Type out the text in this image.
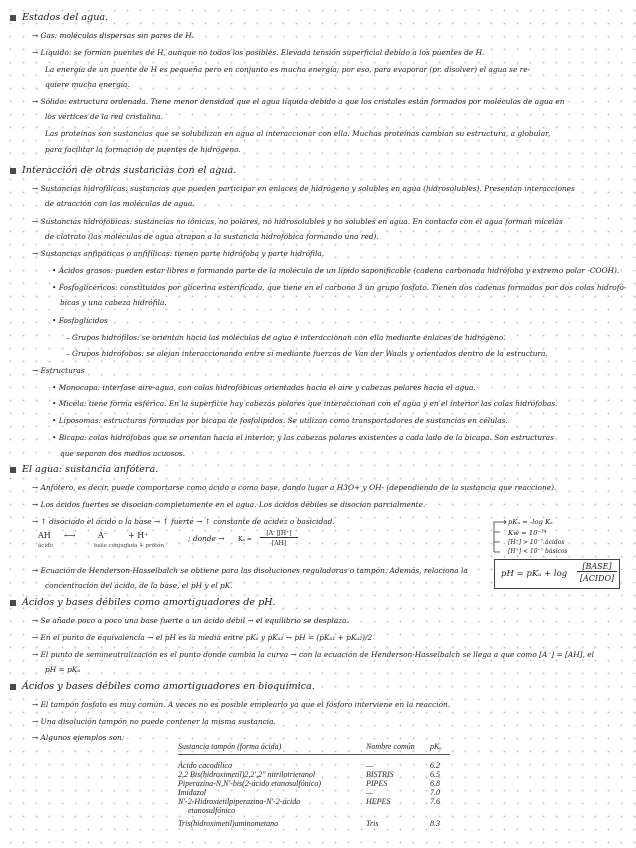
Estados del agua.
→ Gas: moléculas dispersas sin pares de H.
→ Líquido: se forman puentes de H, aunque no todos los posibles. Elevada tensión superficial debido a los puentes de H.
La energía de un puente de H es pequeña pero en conjunto es mucha energía; por eso, para evaporar (pr. disolver) el agua se re-
quiere mucha energía.
→ Sólido: estructura ordenada. Tiene menor densidad que el agua líquida debido a que los cristales están formados por moléculas de agua en
los vértices de la red cristalina.
Las proteínas son sustancias que se solubilizan en agua al interaccionar con ella. Muchas proteínas cambian su estructura, a globular,
para facilitar la formación de puentes de hidrógeno.
Interacción de otras sustancias con el agua.
→ Sustancias hidrofílicas: sustancias que pueden participar en enlaces de hidrógeno y solubles en agua (hidrosolubles). Presentan interacciones
de atracción con las moléculas de agua.
→ Sustancias hidrofóbicas: sustancias no iónicas, no polares, no hidrosolubles y no solubles en agua. En contacto con el agua forman micelas
de clatrato (las moléculas de agua atrapan a la sustancia hidrofóbica formando una red).
→ Sustancias anfipáticas o anfifílicas: tienen parte hidrófoba y parte hidrófila.
• Ácidos grasos: pueden estar libres o formando parte de la molécula de un lípido saponificable (cadena carbonada hidrófoba y extremo polar -COOH).
• Fosfoglicéricos: constituidos por glicerina esterificada, que tiene en el carbono 3 un grupo fosfato. Tienen dos cadenas formadas por dos colas hidrofó-
bicas y una cabeza hidrófila.
• Fosfoglícidos
– Grupos hidrófilos: se orientan hacia las moléculas de agua e interaccionan con ella mediante enlaces de hidrógeno.
– Grupos hidrófobos: se alejan interaccionando entre sí mediante fuerzas de Van der Waals y orientados dentro de la estructura.
→ Estructuras
• Monocapa: interfase aire-agua, con colas hidrofóbicas orientadas hacia el aire y cabezas polares hacia el agua.
• Micela: tiene forma esférica. En la superficie hay cabezas polares que interaccionan con el agua y en el interior las colas hidrófobas.
• Liposomas: estructuras formadas por bicapa de fosfolípidos. Se utilizan como transportadores de sustancias en células.
• Bicapa: colas hidrófobas que se orientan hacia el interior, y las cabezas polares existentes a cada lado de la bicapa. Son estructuras
que separan dos medios acuosos.
El agua: sustancia anfótera.
→ Anfótero, es decir, puede comportarse como ácido o como base, dando lugar a H3O+ y OH- (dependiendo de la sustancia que reaccione).
→ Los ácidos fuertes se disocian completamente en el agua. Los ácidos débiles se disocian parcialmente.
→ ↑ disociado el ácido o la base → ↑ fuerte → ↑ constante de acidez o basicidad.
AH ⟷	A⁻	+ H⁺
ácido	base conjugada + protón
; donde → Kₐ =
[A⁻][H⁺]
[AH]
pKₐ = -log Kₐ
Kw = 10⁻¹⁴
[H⁺] > 10⁻⁷ ácidos
[H⁺] < 10⁻⁷ básicos
pH = pKₐ + log
[BASE]
[ÁCIDO]
→ Ecuación de Henderson-Hasselbalch se obtiene para las disoluciones reguladoras o tampón. Además, relaciona la
concentración del ácido, de la base, el pH y el pK.
Ácidos y bases débiles como amortiguadores de pH.
→ Se añade poco a poco una base fuerte a un ácido débil → el equilibrio se desplaza.
→ En el punto de equivalencia → el pH es la media entre pKₐ y pKₐ₂ → pH = (pKₐ₁ + pKₐ₂)/2
→ El punto de semineutralización es el punto donde cambia la curva → con la ecuación de Henderson-Hasselbalch se llega a que como [A⁻] = [AH], el
pH = pKₐ
Ácidos y bases débiles como amortiguadores en bioquímica.
→ El tampón fosfato es muy común. A veces no es posible emplearlo ya que el fósforo interviene en la reacción.
→ Una disolución tampón no puede contener la misma sustancia.
→ Algunos ejemplos son:
Sustancia tampón (forma ácida)	Nombre común pKₐ
Ácido cacodílico	—	6.2
2,2 Bis(hidroximetil)2,2',2'' nitrilotrietanol	BISTRIS	6.5
Piperazina-N,N'-bis(2-ácido etanosulfónico)	PIPES	6.8
Imidazol	—	7.0
N'-2-Hidroxietilpiperazina-N'-2-ácido	HEPES	7.6
etanosulfónico
Tris(hidroximetil)aminometano	Tris	8.3
